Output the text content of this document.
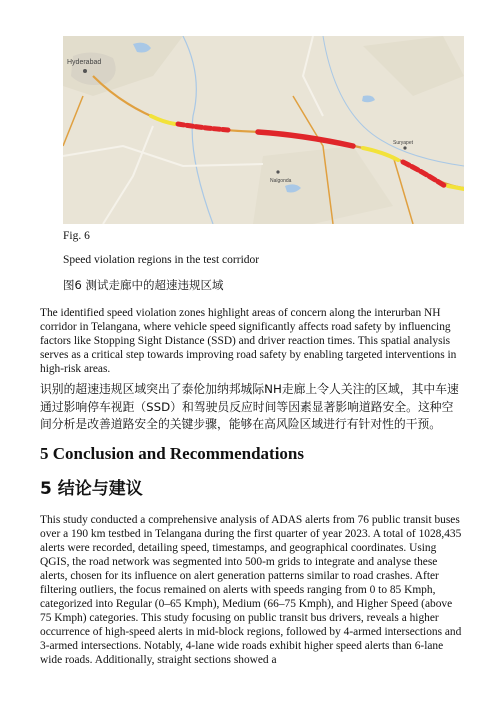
Hyderabad
Nalgonda
Suryapet
Fig. 6
Speed violation regions in the test corridor
图6 测试走廊中的超速违规区域

The identified speed violation zones highlight areas of concern along the interurban NH corridor in Telangana, where vehicle speed significantly affects road safety by influencing factors like Stopping Sight Distance (SSD) and driver reaction times. This spatial analysis serves as a critical step towards improving road safety by enabling targeted interventions in high-risk areas.

识别的超速违规区域突出了泰伦加纳邦城际NH走廊上令人关注的区域，其中车速通过影响停车视距（SSD）和驾驶员反应时间等因素显著影响道路安全。这种空间分析是改善道路安全的关键步骤，能够在高风险区域进行有针对性的干预。

5 Conclusion and Recommendations
5 结论与建议

This study conducted a comprehensive analysis of ADAS alerts from 76 public transit buses over a 190 km testbed in Telangana during the first quarter of year 2023. A total of 1028,435 alerts were recorded, detailing speed, timestamps, and geographical coordinates. Using QGIS, the road network was segmented into 500-m grids to integrate and analyse these alerts, chosen for its influence on alert generation patterns similar to road crashes. After filtering outliers, the focus remained on alerts with speeds ranging from 0 to 85 Kmph, categorized into Regular (0–65 Kmph), Medium (66–75 Kmph), and Higher Speed (above 75 Kmph) categories. This study focusing on public transit bus drivers, reveals a higher occurrence of high-speed alerts in mid-block regions, followed by 4-armed intersections and 3-armed intersections. Notably, 4-lane wide roads exhibit higher speed alerts than 6-lane wide roads. Additionally, straight sections showed a
